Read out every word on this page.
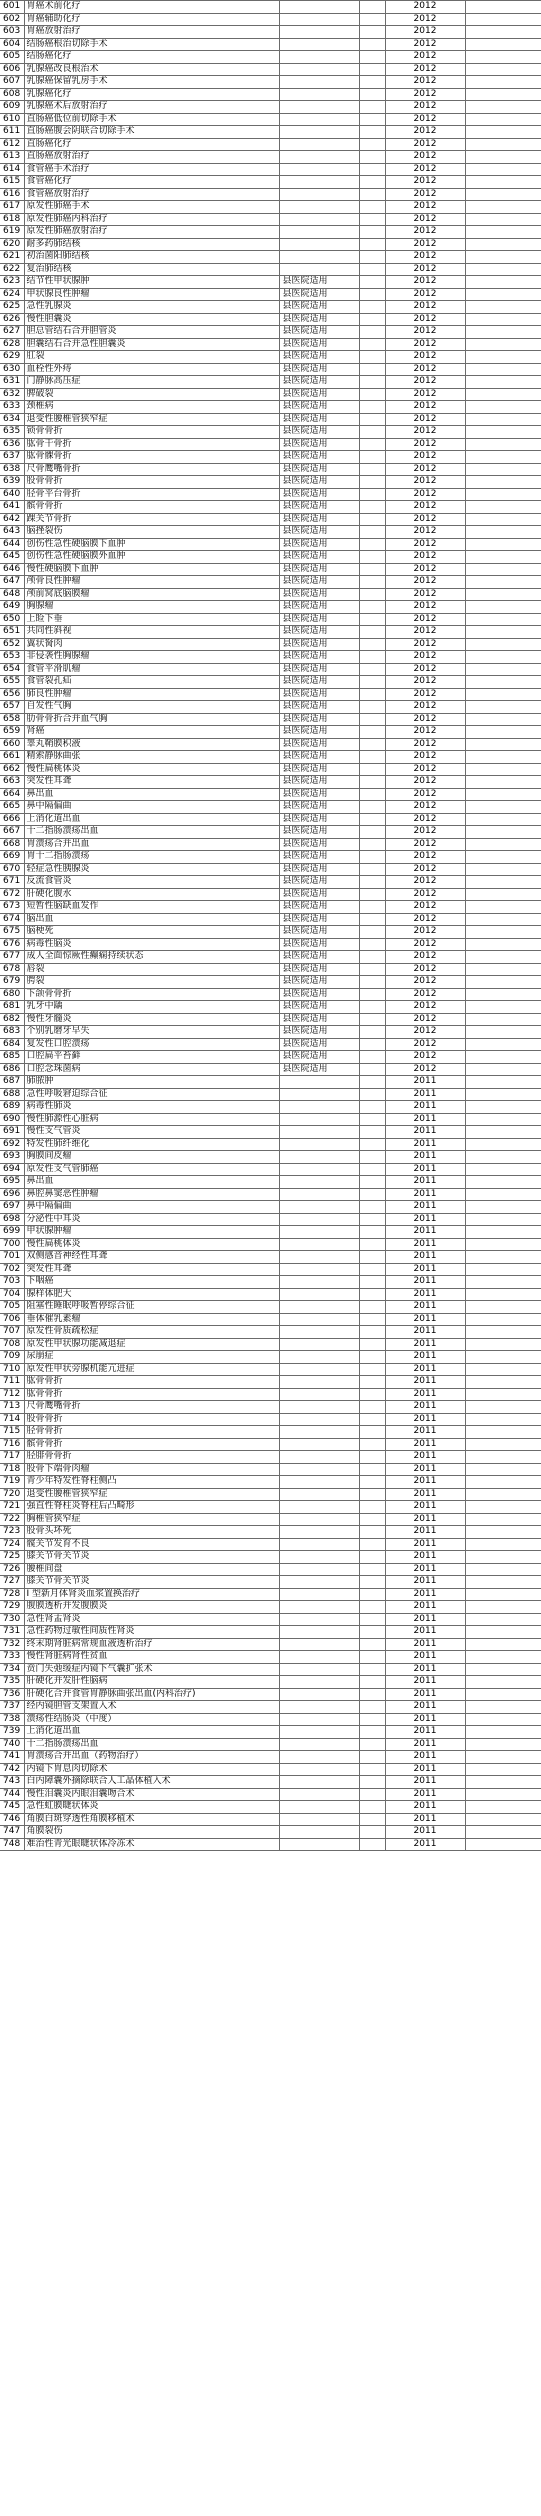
601	胃癌术前化疗			2012	
602	胃癌辅助化疗			2012	
603	胃癌放射治疗			2012	
604	结肠癌根治切除手术			2012	
605	结肠癌化疗			2012	
606	乳腺癌改良根治术			2012	
607	乳腺癌保留乳房手术			2012	
608	乳腺癌化疗			2012	
609	乳腺癌术后放射治疗			2012	
610	直肠癌低位前切除手术			2012	
611	直肠癌腹会阴联合切除手术			2012	
612	直肠癌化疗			2012	
613	直肠癌放射治疗			2012	
614	食管癌手术治疗			2012	
615	食管癌化疗			2012	
616	食管癌放射治疗			2012	
617	原发性肺癌手术			2012	
618	原发性肺癌内科治疗			2012	
619	原发性肺癌放射治疗			2012	
620	耐多药肺结核			2012	
621	初治菌阳肺结核			2012	
622	复治肺结核			2012	
623	结节性甲状腺肿	县医院适用		2012	
624	甲状腺良性肿瘤	县医院适用		2012	
625	急性乳腺炎	县医院适用		2012	
626	慢性胆囊炎	县医院适用		2012	
627	胆总管结石合并胆管炎	县医院适用		2012	
628	胆囊结石合并急性胆囊炎	县医院适用		2012	
629	肛裂	县医院适用		2012	
630	血栓性外痔	县医院适用		2012	
631	门静脉高压症	县医院适用		2012	
632	脾破裂	县医院适用		2012	
633	颈椎病	县医院适用		2012	
634	退变性腰椎管狭窄症	县医院适用		2012	
635	锁骨骨折	县医院适用		2012	
636	肱骨干骨折	县医院适用		2012	
637	肱骨髁骨折	县医院适用		2012	
638	尺骨鹰嘴骨折	县医院适用		2012	
639	股骨骨折	县医院适用		2012	
640	胫骨平台骨折	县医院适用		2012	
641	髌骨骨折	县医院适用		2012	
642	踝关节骨折	县医院适用		2012	
643	脑挫裂伤	县医院适用		2012	
644	创伤性急性硬脑膜下血肿	县医院适用		2012	
645	创伤性急性硬脑膜外血肿	县医院适用		2012	
646	慢性硬脑膜下血肿	县医院适用		2012	
647	颅骨良性肿瘤	县医院适用		2012	
648	颅前窝底脑膜瘤	县医院适用		2012	
649	胸腺瘤	县医院适用		2012	
650	上睑下垂	县医院适用		2012	
651	共同性斜视	县医院适用		2012	
652	翼状胬肉	县医院适用		2012	
653	非侵袭性胸腺瘤	县医院适用		2012	
654	食管平滑肌瘤	县医院适用		2012	
655	食管裂孔疝	县医院适用		2012	
656	肺良性肿瘤	县医院适用		2012	
657	自发性气胸	县医院适用		2012	
658	肋骨骨折合并血气胸	县医院适用		2012	
659	肾癌	县医院适用		2012	
660	睾丸鞘膜积液	县医院适用		2012	
661	精索静脉曲张	县医院适用		2012	
662	慢性扁桃体炎	县医院适用		2012	
663	突发性耳聋	县医院适用		2012	
664	鼻出血	县医院适用		2012	
665	鼻中隔偏曲	县医院适用		2012	
666	上消化道出血	县医院适用		2012	
667	十二指肠溃疡出血	县医院适用		2012	
668	胃溃疡合并出血	县医院适用		2012	
669	胃十二指肠溃疡	县医院适用		2012	
670	轻症急性胰腺炎	县医院适用		2012	
671	反流食管炎	县医院适用		2012	
672	肝硬化腹水	县医院适用		2012	
673	短暂性脑缺血发作	县医院适用		2012	
674	脑出血	县医院适用		2012	
675	脑梗死	县医院适用		2012	
676	病毒性脑炎	县医院适用		2012	
677	成人全面惊厥性癫痫持续状态	县医院适用		2012	
678	唇裂	县医院适用		2012	
679	腭裂	县医院适用		2012	
680	下颌骨骨折	县医院适用		2012	
681	乳牙中龋	县医院适用		2012	
682	慢性牙髓炎	县医院适用		2012	
683	个别乳磨牙早失	县医院适用		2012	
684	复发性口腔溃疡	县医院适用		2012	
685	口腔扁平苔藓	县医院适用		2012	
686	口腔念珠菌病	县医院适用		2012	
687	肺脓肿			2011	
688	急性呼吸窘迫综合征			2011	
689	病毒性肺炎			2011	
690	慢性肺源性心脏病			2011	
691	慢性支气管炎			2011	
692	特发性肺纤维化			2011	
693	胸膜间皮瘤			2011	
694	原发性支气管肺癌			2011	
695	鼻出血			2011	
696	鼻腔鼻窦恶性肿瘤			2011	
697	鼻中隔偏曲			2011	
698	分泌性中耳炎			2011	
699	甲状腺肿瘤			2011	
700	慢性扁桃体炎			2011	
701	双侧感音神经性耳聋			2011	
702	突发性耳聋			2011	
703	下咽癌			2011	
704	腺样体肥大			2011	
705	阻塞性睡眠呼吸暂停综合征			2011	
706	垂体催乳素瘤			2011	
707	原发性骨质疏松症			2011	
708	原发性甲状腺功能减退症			2011	
709	尿崩症			2011	
710	原发性甲状旁腺机能亢进症			2011	
711	肱骨骨折			2011	
712	肱骨骨折			2011	
713	尺骨鹰嘴骨折			2011	
714	股骨骨折			2011	
715	胫骨骨折			2011	
716	髌骨骨折			2011	
717	胫腓骨骨折			2011	
718	股骨下端骨肉瘤			2011	
719	青少年特发性脊柱侧凸			2011	
720	退变性腰椎管狭窄症			2011	
721	强直性脊柱炎脊柱后凸畸形			2011	
722	胸椎管狭窄症			2011	
723	股骨头坏死			2011	
724	髋关节发育不良			2011	
725	膝关节骨关节炎			2011	
726	腰椎间盘			2011	
727	膝关节骨关节炎			2011	
728	I 型新月体肾炎血浆置换治疗			2011	
729	腹膜透析并发腹膜炎			2011	
730	急性肾盂肾炎			2011	
731	急性药物过敏性间质性肾炎			2011	
732	终末期肾脏病常规血液透析治疗			2011	
733	慢性肾脏病肾性贫血			2011	
734	贲门失弛缓症内镜下气囊扩张术			2011	
735	肝硬化并发肝性脑病			2011	
736	肝硬化合并食管胃静脉曲张出血(内科治疗)			2011	
737	经内镜胆管支架置入术			2011	
738	溃疡性结肠炎（中度）			2011	
739	上消化道出血			2011	
740	十二指肠溃疡出血			2011	
741	胃溃疡合并出血（药物治疗）			2011	
742	内镜下胃息肉切除术			2011	
743	白内障囊外摘除联合人工晶体植入术			2011	
744	慢性泪囊炎内眼泪囊吻合术			2011	
745	急性虹膜睫状体炎			2011	
746	角膜白斑穿透性角膜移植术			2011	
747	角膜裂伤			2011	
748	难治性青光眼睫状体冷冻术			2011	
